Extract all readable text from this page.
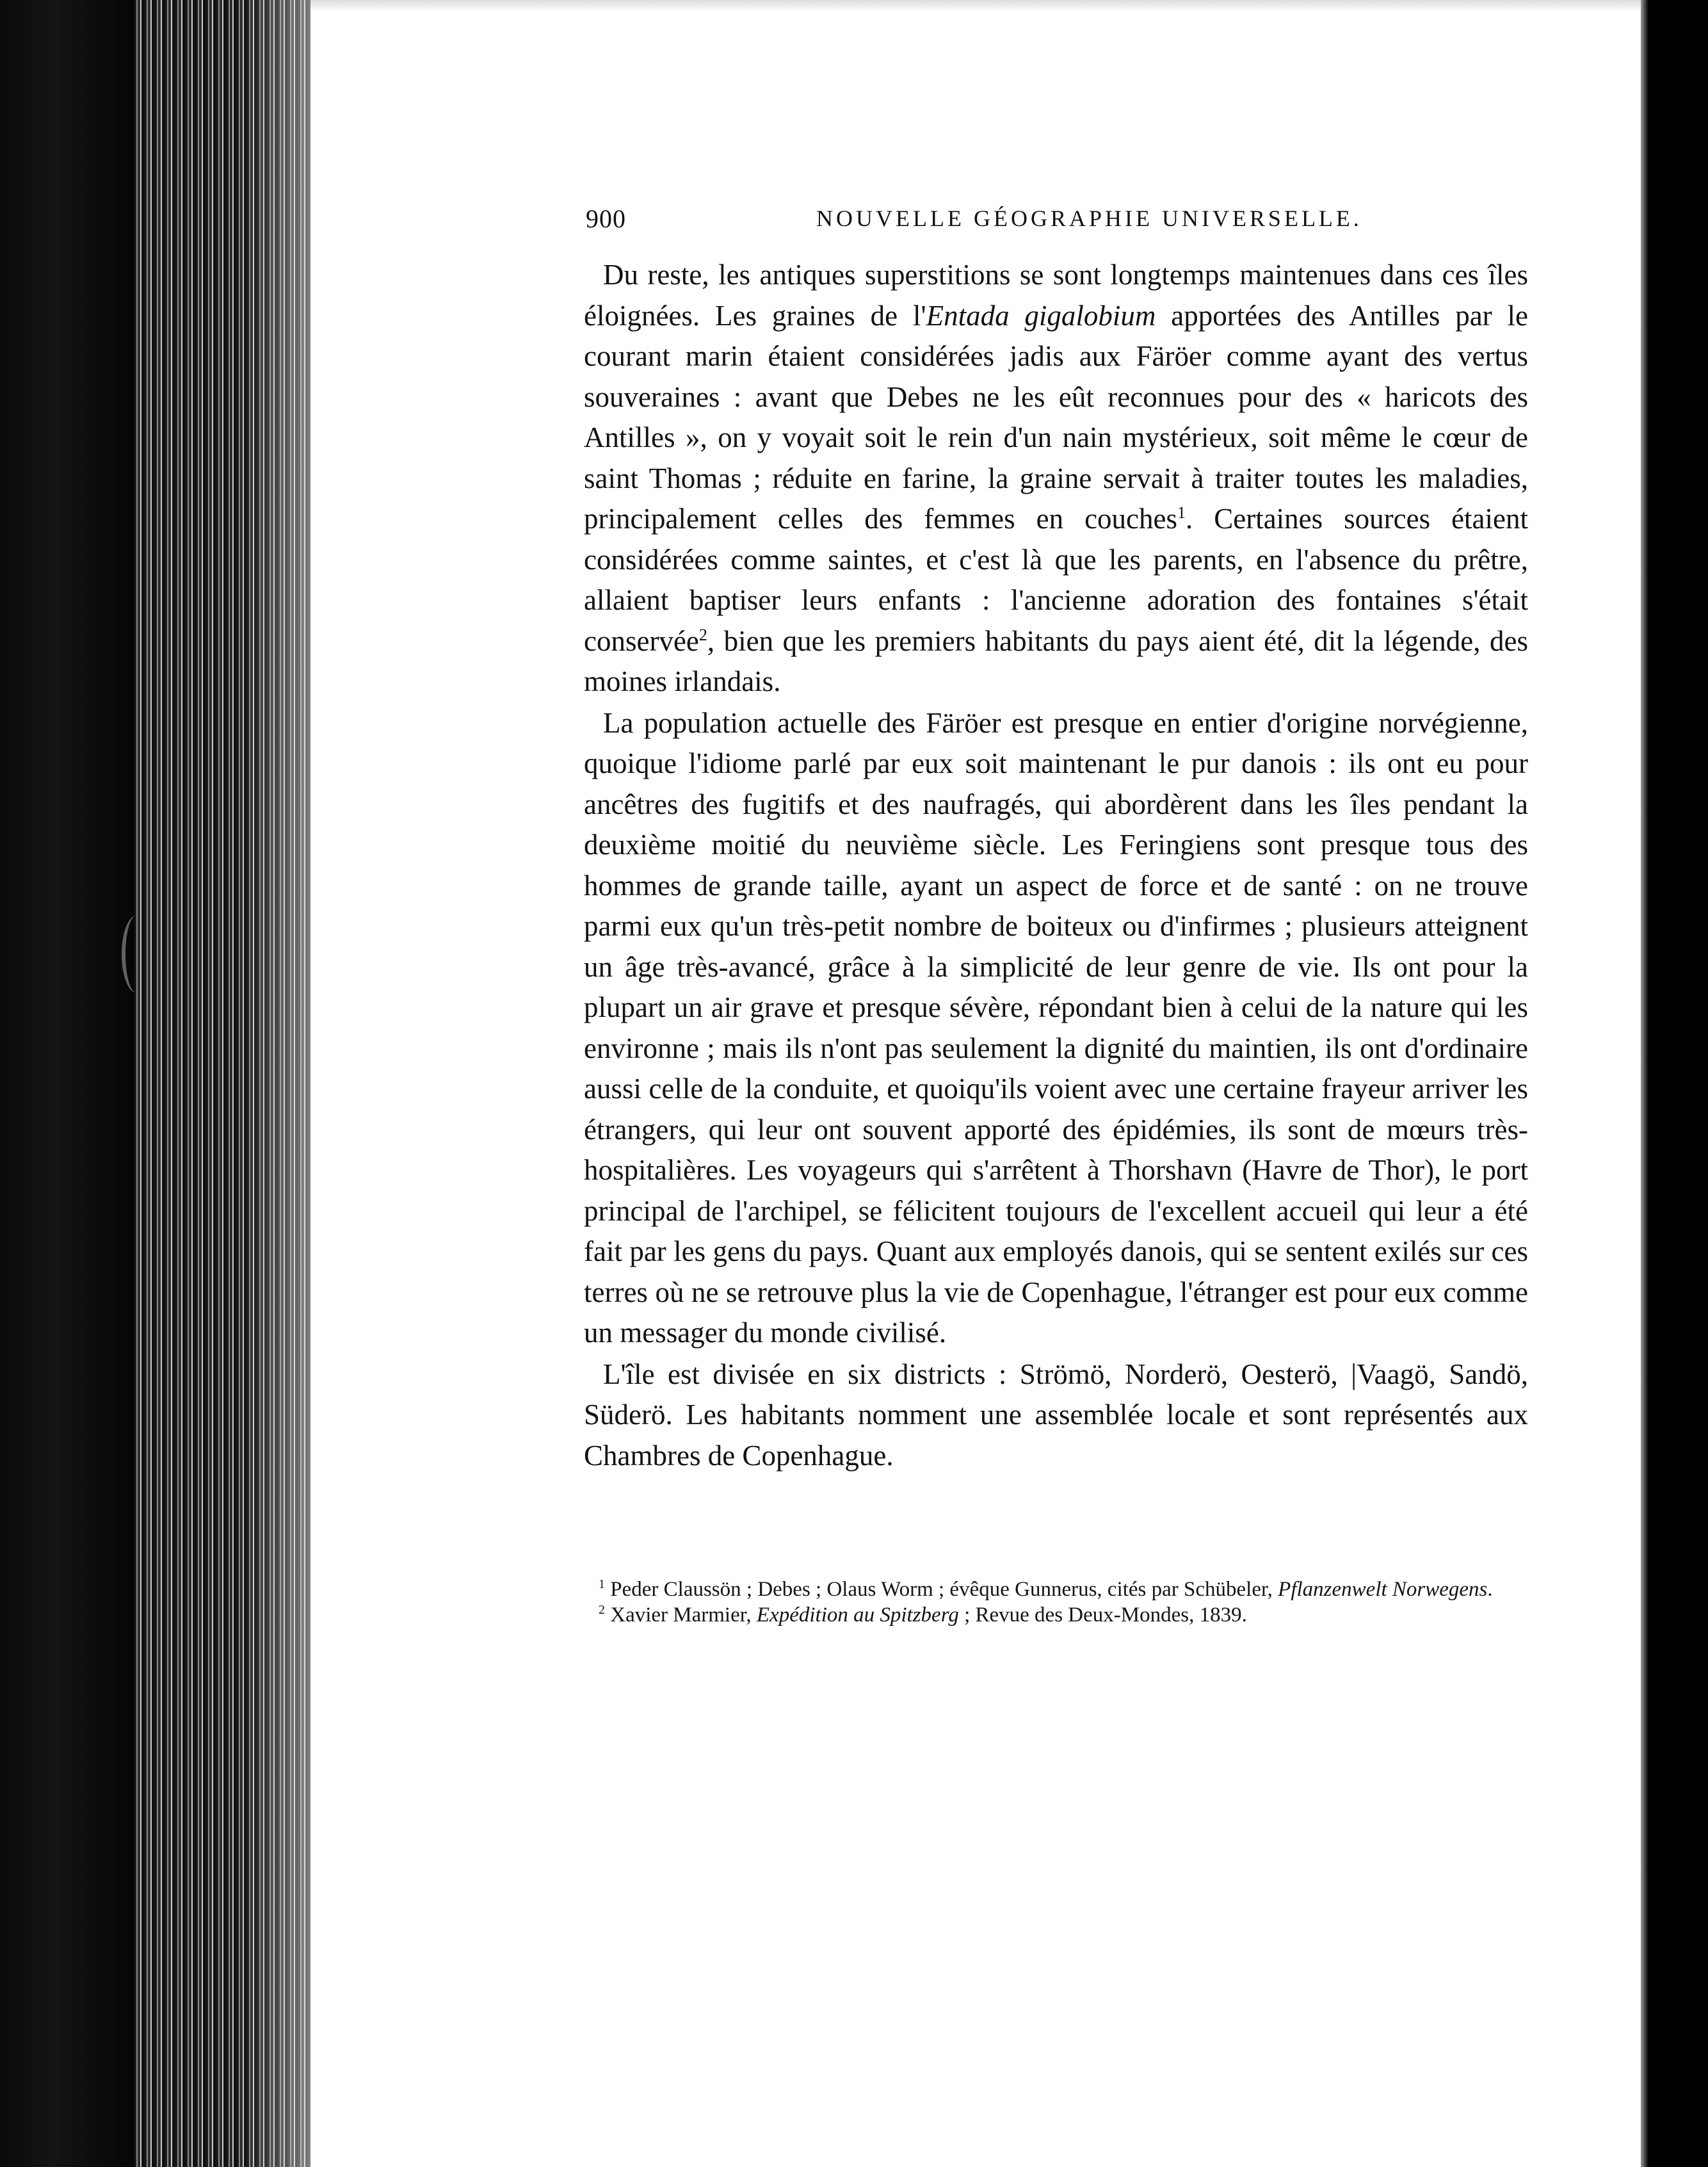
900	NOUVELLE GÉOGRAPHIE UNIVERSELLE.

Du reste, les antiques superstitions se sont longtemps maintenues dans ces îles éloignées. Les graines de l'Entada gigalobium apportées des Antilles par le courant marin étaient considérées jadis aux Färöer comme ayant des vertus souveraines : avant que Debes ne les eût reconnues pour des « haricots des Antilles », on y voyait soit le rein d'un nain mystérieux, soit même le cœur de saint Thomas ; réduite en farine, la graine servait à traiter toutes les maladies, principalement celles des femmes en couches$^1$. Certaines sources étaient considérées comme saintes, et c'est là que les parents, en l'absence du prêtre, allaient baptiser leurs enfants : l'ancienne adoration des fontaines s'était conservée$^2$, bien que les premiers habitants du pays aient été, dit la légende, des moines irlandais.

La population actuelle des Färöer est presque en entier d'origine norvégienne, quoique l'idiome parlé par eux soit maintenant le pur danois : ils ont eu pour ancêtres des fugitifs et des naufragés, qui abordèrent dans les îles pendant la deuxième moitié du neuvième siècle. Les Feringiens sont presque tous des hommes de grande taille, ayant un aspect de force et de santé : on ne trouve parmi eux qu'un très-petit nombre de boiteux ou d'infirmes ; plusieurs atteignent un âge très-avancé, grâce à la simplicité de leur genre de vie. Ils ont pour la plupart un air grave et presque sévère, répondant bien à celui de la nature qui les environne ; mais ils n'ont pas seulement la dignité du maintien, ils ont d'ordinaire aussi celle de la conduite, et quoiqu'ils voient avec une certaine frayeur arriver les étrangers, qui leur ont souvent apporté des épidémies, ils sont de mœurs très-hospitalières. Les voyageurs qui s'arrêtent à Thorshavn (Havre de Thor), le port principal de l'archipel, se félicitent toujours de l'excellent accueil qui leur a été fait par les gens du pays. Quant aux employés danois, qui se sentent exilés sur ces terres où ne se retrouve plus la vie de Copenhague, l'étranger est pour eux comme un messager du monde civilisé.

L'île est divisée en six districts : Strömö, Norderö, Oesterö, |Vaagö, Sandö, Süderö. Les habitants nomment une assemblée locale et sont représentés aux Chambres de Copenhague.

$^1$ Peder Claussön ; Debes ; Olaus Worm ; évêque Gunnerus, cités par Schübeler, Pflanzenwelt Norwegens.

$^2$ Xavier Marmier, Expédition au Spitzberg ; Revue des Deux-Mondes, 1839.
